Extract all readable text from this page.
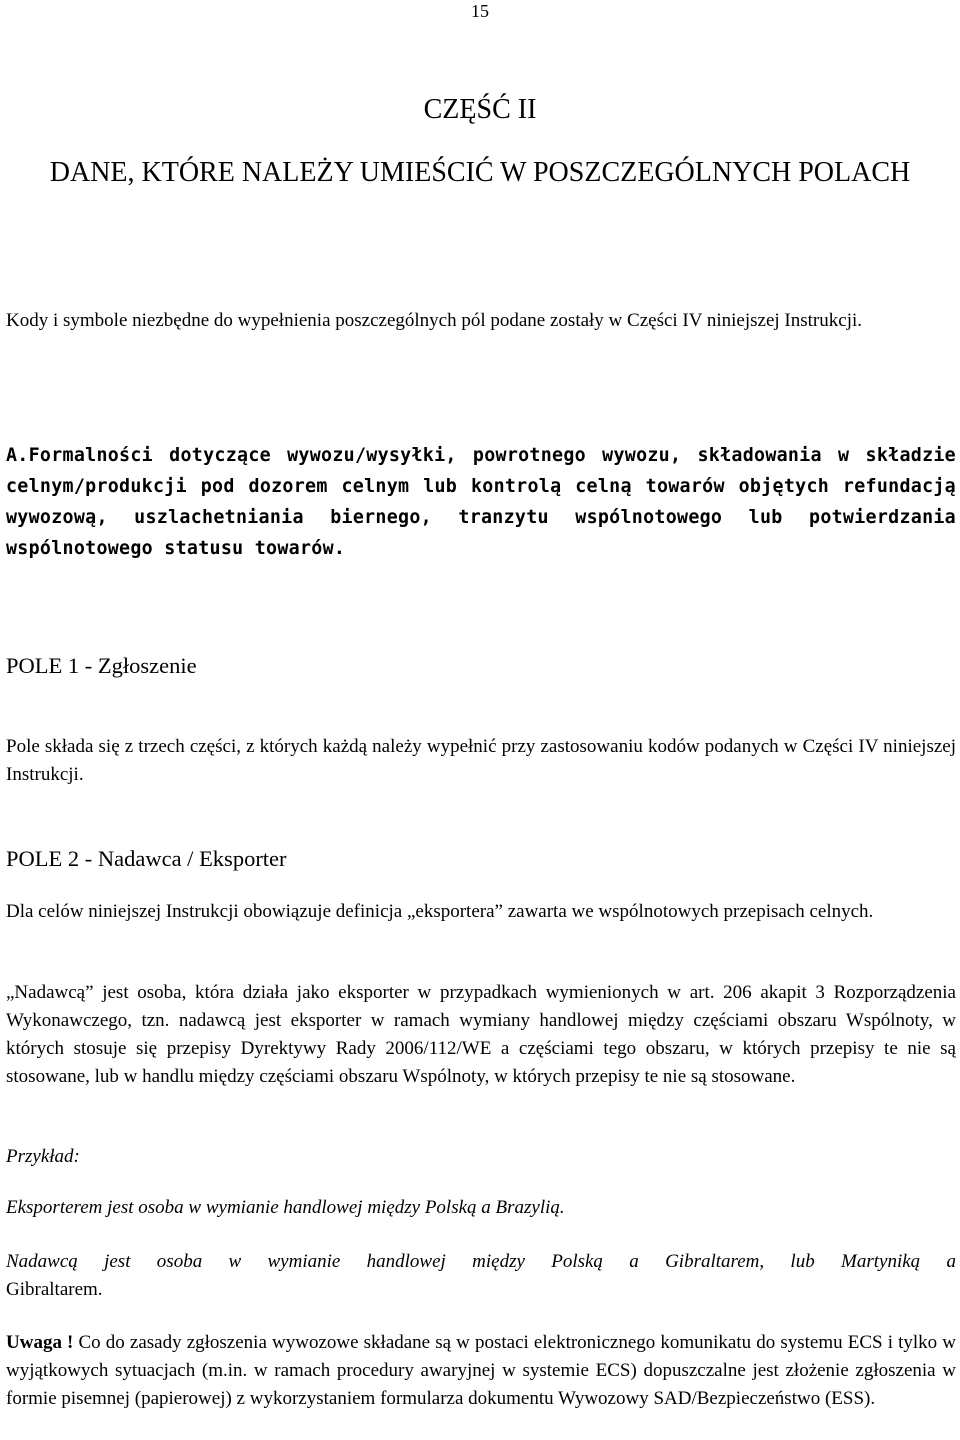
15
CZĘŚĆ II
DANE, KTÓRE NALEŻY UMIEŚCIĆ W POSZCZEGÓLNYCH POLACH
Kody i symbole niezbędne do wypełnienia poszczególnych pól podane zostały w Części IV niniejszej Instrukcji.
A.Formalności dotyczące wywozu/wysyłki, powrotnego wywozu, składowania w składzie celnym/produkcji pod dozorem celnym lub kontrolą celną towarów objętych refundacją wywozową, uszlachetniania biernego, tranzytu wspólnotowego lub potwierdzania wspólnotowego statusu towarów.
POLE 1 - Zgłoszenie
Pole składa się z trzech części, z których każdą należy wypełnić przy zastosowaniu kodów podanych w Części IV niniejszej Instrukcji.
POLE 2 - Nadawca / Eksporter
Dla celów niniejszej Instrukcji obowiązuje definicja „eksportera” zawarta we wspólnotowych przepisach celnych.
„Nadawcą” jest osoba, która działa jako eksporter w przypadkach wymienionych w art. 206 akapit 3 Rozporządzenia Wykonawczego, tzn. nadawcą jest eksporter w ramach wymiany handlowej między częściami obszaru Wspólnoty, w których stosuje się przepisy Dyrektywy Rady 2006/112/WE a częściami tego obszaru, w których przepisy te nie są stosowane, lub w handlu między częściami obszaru Wspólnoty, w których przepisy te nie są stosowane.
Przykład:
Eksporterem jest osoba w wymianie handlowej między Polską a Brazylią.
Nadawcą jest osoba w wymianie handlowej między Polską a Gibraltarem, lub Martyniką a
Gibraltarem.
Uwaga ! Co do zasady zgłoszenia wywozowe składane są w postaci elektronicznego komunikatu do systemu ECS i tylko w wyjątkowych sytuacjach (m.in. w ramach procedury awaryjnej w systemie ECS) dopuszczalne jest złożenie zgłoszenia w formie pisemnej (papierowej) z wykorzystaniem formularza dokumentu Wywozowy SAD/Bezpieczeństwo (ESS).
